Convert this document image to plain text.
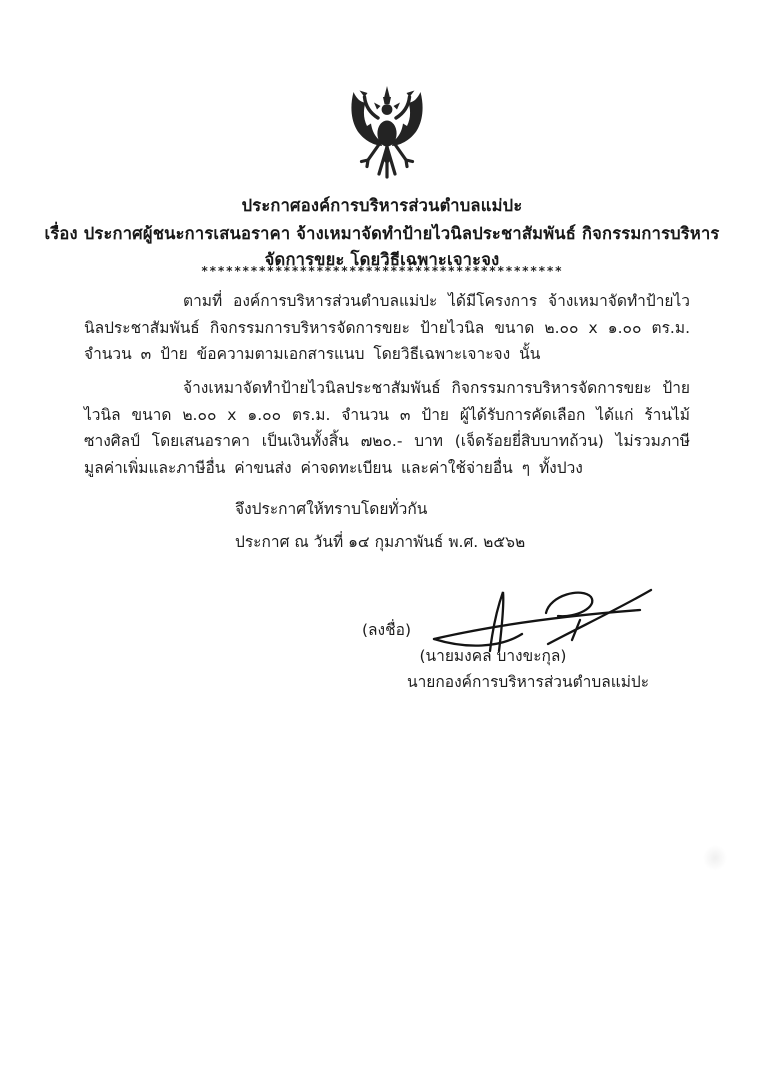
ประกาศองค์การบริหารส่วนตำบลแม่ปะ
เรื่อง ประกาศผู้ชนะการเสนอราคา จ้างเหมาจัดทำป้ายไวนิลประชาสัมพันธ์ กิจกรรมการบริหาร
จัดการขยะ โดยวิธีเฉพาะเจาะจง
********************************************

ตามที่ องค์การบริหารส่วนตำบลแม่ปะ ได้มีโครงการ จ้างเหมาจัดทำป้ายไวนิลประชาสัมพันธ์ กิจกรรมการบริหารจัดการขยะ ป้ายไวนิล ขนาด ๒.๐๐ x ๑.๐๐ ตร.ม. จำนวน ๓ ป้าย ข้อความตามเอกสารแนบ โดยวิธีเฉพาะเจาะจง นั้น

จ้างเหมาจัดทำป้ายไวนิลประชาสัมพันธ์ กิจกรรมการบริหารจัดการขยะ ป้ายไวนิล ขนาด ๒.๐๐ x ๑.๐๐ ตร.ม. จำนวน ๓ ป้าย ผู้ได้รับการคัดเลือก ได้แก่ ร้านไม้ซางศิลป์ โดยเสนอราคา เป็นเงินทั้งสิ้น ๗๒๐.- บาท (เจ็ดร้อยยี่สิบบาทถ้วน) ไม่รวมภาษีมูลค่าเพิ่มและภาษีอื่น ค่าขนส่ง ค่าจดทะเบียน และค่าใช้จ่ายอื่น ๆ ทั้งปวง

จึงประกาศให้ทราบโดยทั่วกัน
ประกาศ ณ วันที่ ๑๔ กุมภาพันธ์ พ.ศ. ๒๕๖๒
(ลงชื่อ)
(นายมงคล บางขะกุล)
นายกองค์การบริหารส่วนตำบลแม่ปะ
